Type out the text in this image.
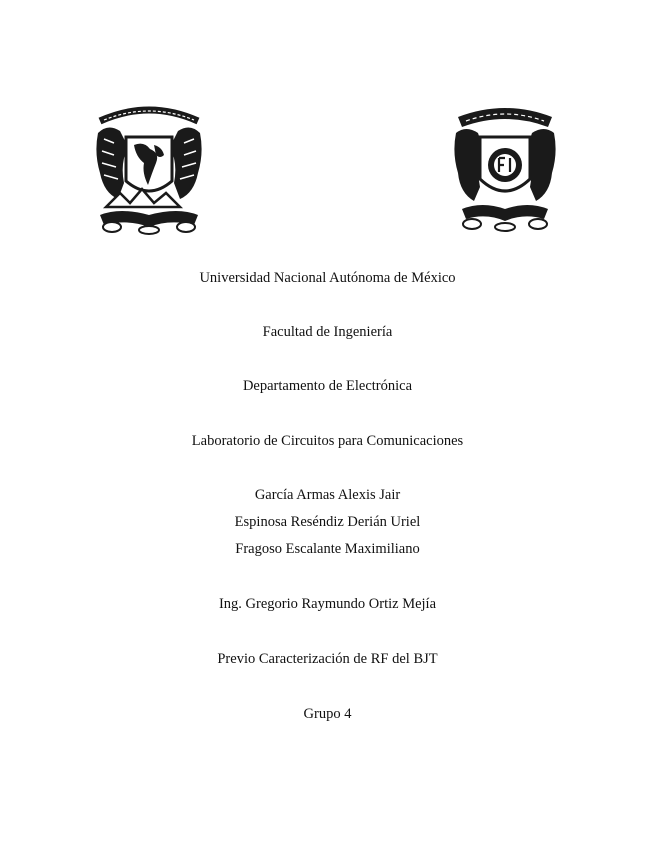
Universidad Nacional Autónoma de México
Facultad de Ingeniería
Departamento de Electrónica
Laboratorio de Circuitos para Comunicaciones
García Armas Alexis Jair
Espinosa Reséndiz Derián Uriel
Fragoso Escalante Maximiliano
Ing. Gregorio Raymundo Ortiz Mejía
Previo Caracterización de RF del BJT
Grupo 4
